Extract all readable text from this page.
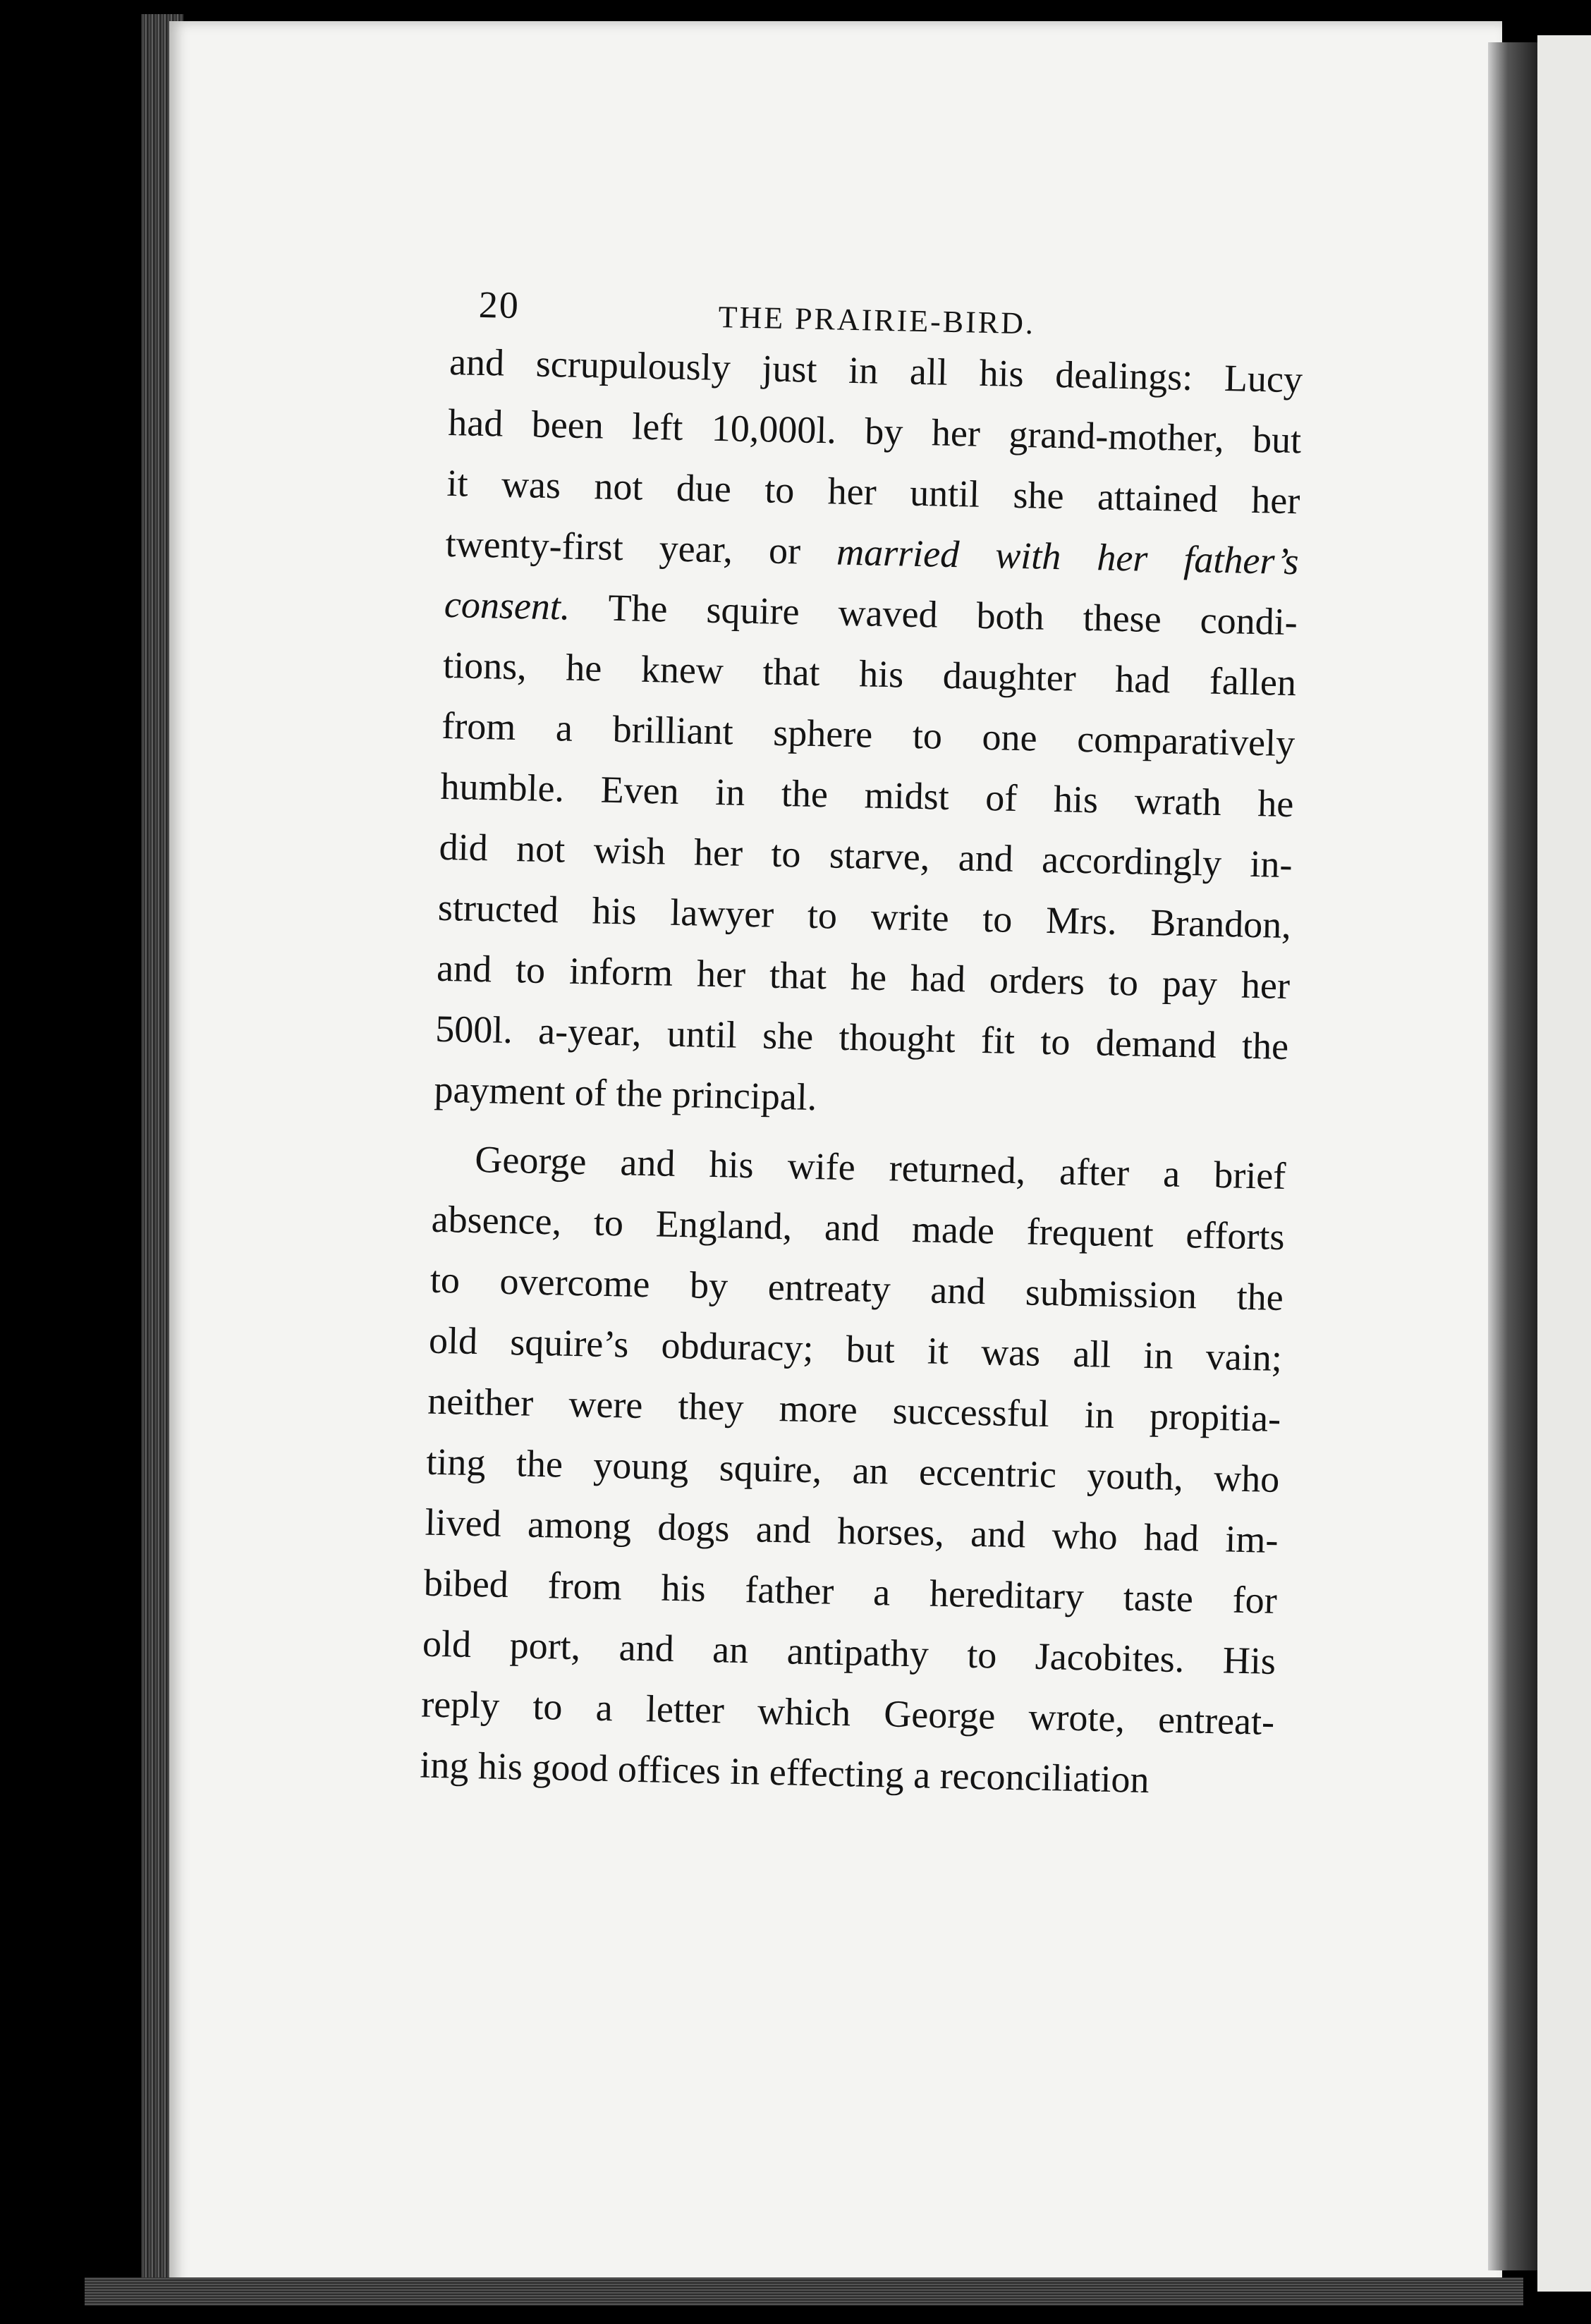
20	THE PRAIRIE-BIRD.
and scrupulously just in all his dealings: Lucy
had been left 10,000l. by her grand-mother, but
it was not due to her until she attained her
twenty-first year, or married with her father’s
consent. The squire waved both these condi-
tions, he knew that his daughter had fallen
from a brilliant sphere to one comparatively
humble. Even in the midst of his wrath he
did not wish her to starve, and accordingly in-
structed his lawyer to write to Mrs. Brandon,
and to inform her that he had orders to pay her
500l. a-year, until she thought fit to demand the
payment of the principal.
George and his wife returned, after a brief
absence, to England, and made frequent efforts
to overcome by entreaty and submission the
old squire’s obduracy; but it was all in vain;
neither were they more successful in propitia-
ting the young squire, an eccentric youth, who
lived among dogs and horses, and who had im-
bibed from his father a hereditary taste for
old port, and an antipathy to Jacobites. His
reply to a letter which George wrote, entreat-
ing his good offices in effecting a reconciliation
